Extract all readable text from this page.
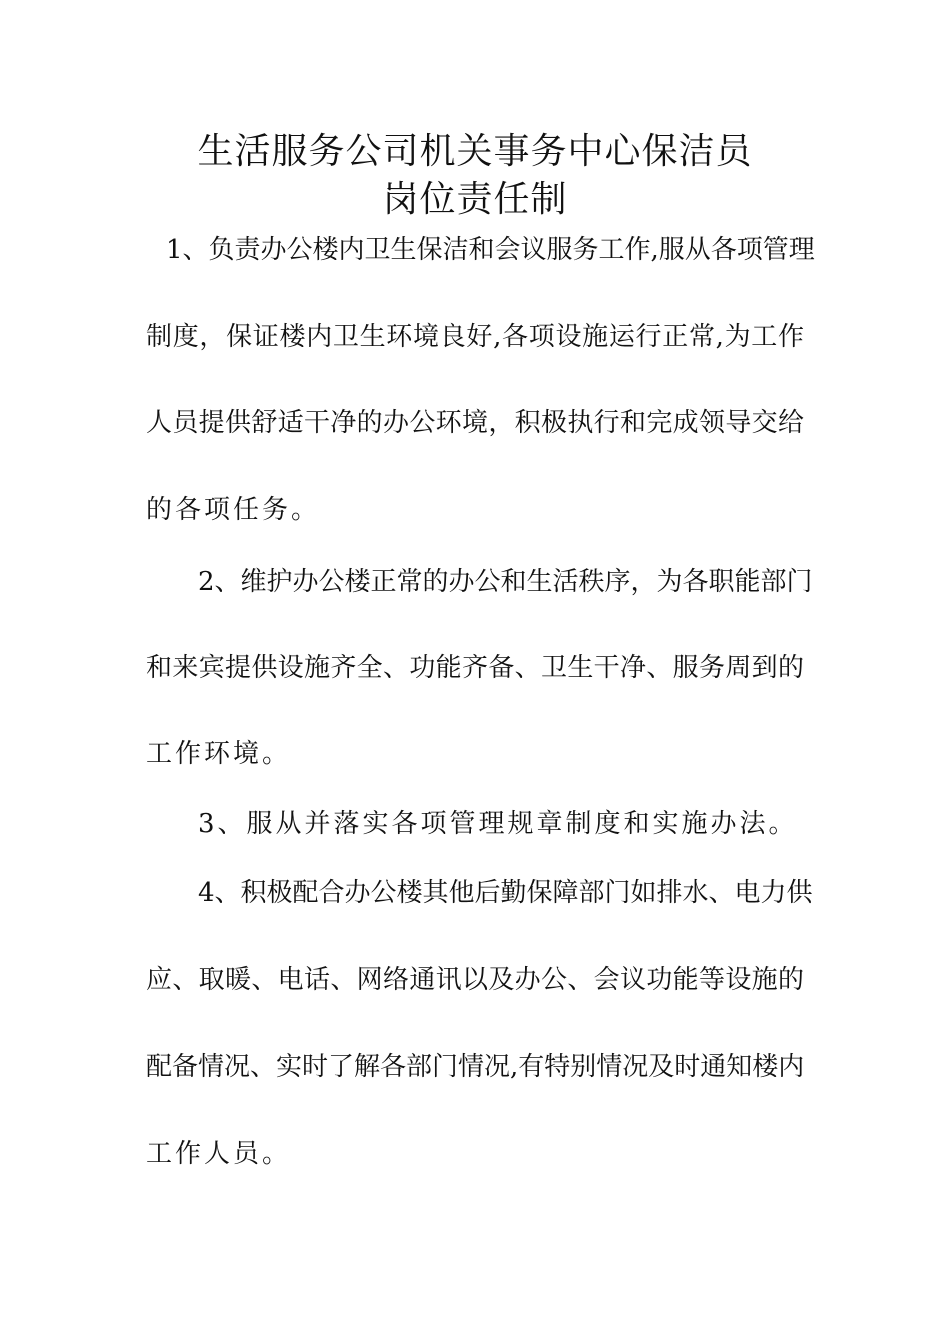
生活服务公司机关事务中心保洁员
岗位责任制
1、负责办公楼内卫生保洁和会议服务工作,服从各项管理
制度，保证楼内卫生环境良好,各项设施运行正常,为工作
人员提供舒适干净的办公环境，积极执行和完成领导交给
的各项任务。
2、维护办公楼正常的办公和生活秩序，为各职能部门
和来宾提供设施齐全、功能齐备、卫生干净、服务周到的
工作环境。
3、服从并落实各项管理规章制度和实施办法。
4、积极配合办公楼其他后勤保障部门如排水、电力供
应、取暖、电话、网络通讯以及办公、会议功能等设施的
配备情况、实时了解各部门情况,有特别情况及时通知楼内
工作人员。
